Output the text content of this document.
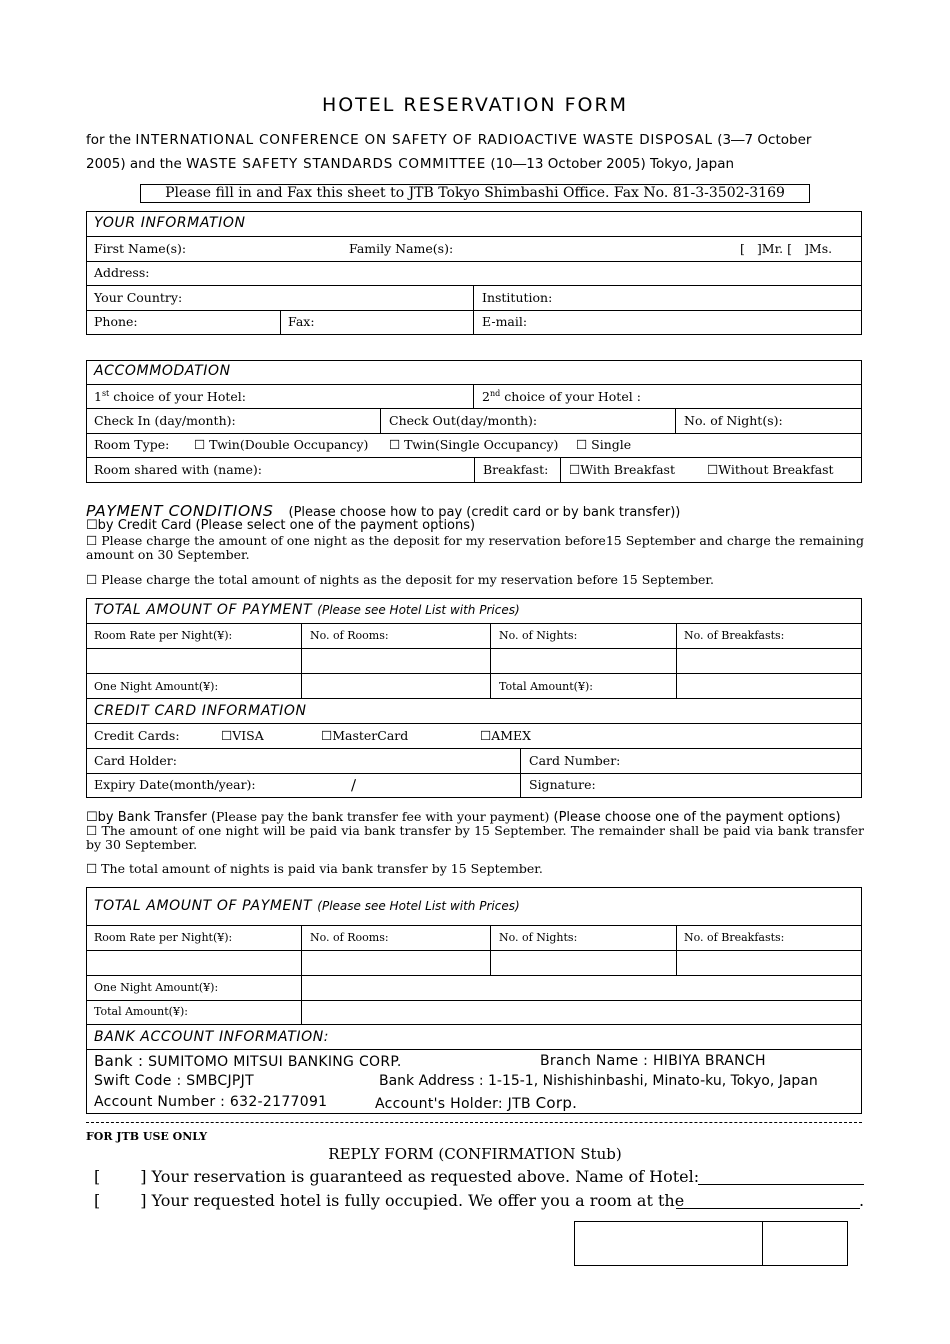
HOTEL RESERVATION FORM
for the INTERNATIONAL CONFERENCE ON SAFETY OF RADIOACTIVE WASTE DISPOSAL (3―7 October
2005) and the WASTE SAFETY STANDARDS COMMITTEE (10―13 October 2005) Tokyo, Japan
Please fill in and Fax this sheet to JTB Tokyo Shimbashi Office. Fax No. 81-3-3502-3169
YOUR INFORMATION
First Name(s):	Family Name(s):	[ ]Mr. [ ]Ms.
Address:
Your Country:	Institution:
Phone:	Fax:	E-mail:
ACCOMMODATION
1st choice of your Hotel:	2nd choice of your Hotel :
Check In (day/month):	Check Out(day/month):	No. of Night(s):
Room Type: ☐ Twin(Double Occupancy) ☐ Twin(Single Occupancy) ☐ Single
Room shared with (name):	Breakfast: ☐With Breakfast	☐Without Breakfast
PAYMENT CONDITIONS (Please choose how to pay (credit card or by bank transfer))
☐by Credit Card (Please select one of the payment options)
☐ Please charge the amount of one night as the deposit for my reservation before15 September and charge the remaining amount on 30 September.
☐ Please charge the total amount of nights as the deposit for my reservation before 15 September.
TOTAL AMOUNT OF PAYMENT (Please see Hotel List with Prices)
Room Rate per Night(¥):	No. of Rooms:	No. of Nights:	No. of Breakfasts:
One Night Amount(¥):	Total Amount(¥):
CREDIT CARD INFORMATION
Credit Cards:	☐VISA	☐MasterCard	☐AMEX
Card Holder:	Card Number:
Expiry Date(month/year):	∕	Signature:
☐by Bank Transfer (Please pay the bank transfer fee with your payment) (Please choose one of the payment options)
☐ The amount of one night will be paid via bank transfer by 15 September. The remainder shall be paid via bank transfer by 30 September.
☐ The total amount of nights is paid via bank transfer by 15 September.
TOTAL AMOUNT OF PAYMENT (Please see Hotel List with Prices)
Room Rate per Night(¥):	No. of Rooms:	No. of Nights:	No. of Breakfasts:
One Night Amount(¥):
Total Amount(¥):
BANK ACCOUNT INFORMATION:
Bank : SUMITOMO MITSUI BANKING CORP.	Branch Name : HIBIYA BRANCH
Swift Code : SMBCJPJT	Bank Address : 1-15-1, Nishishinbashi, Minato-ku, Tokyo, Japan
Account Number : 632-2177091	Account's Holder: JTB Corp.
FOR JTB USE ONLY
REPLY FORM (CONFIRMATION Stub)
[	] Your reservation is guaranteed as requested above. Name of Hotel:
[	] Your requested hotel is fully occupied. We offer you a room at the	.
